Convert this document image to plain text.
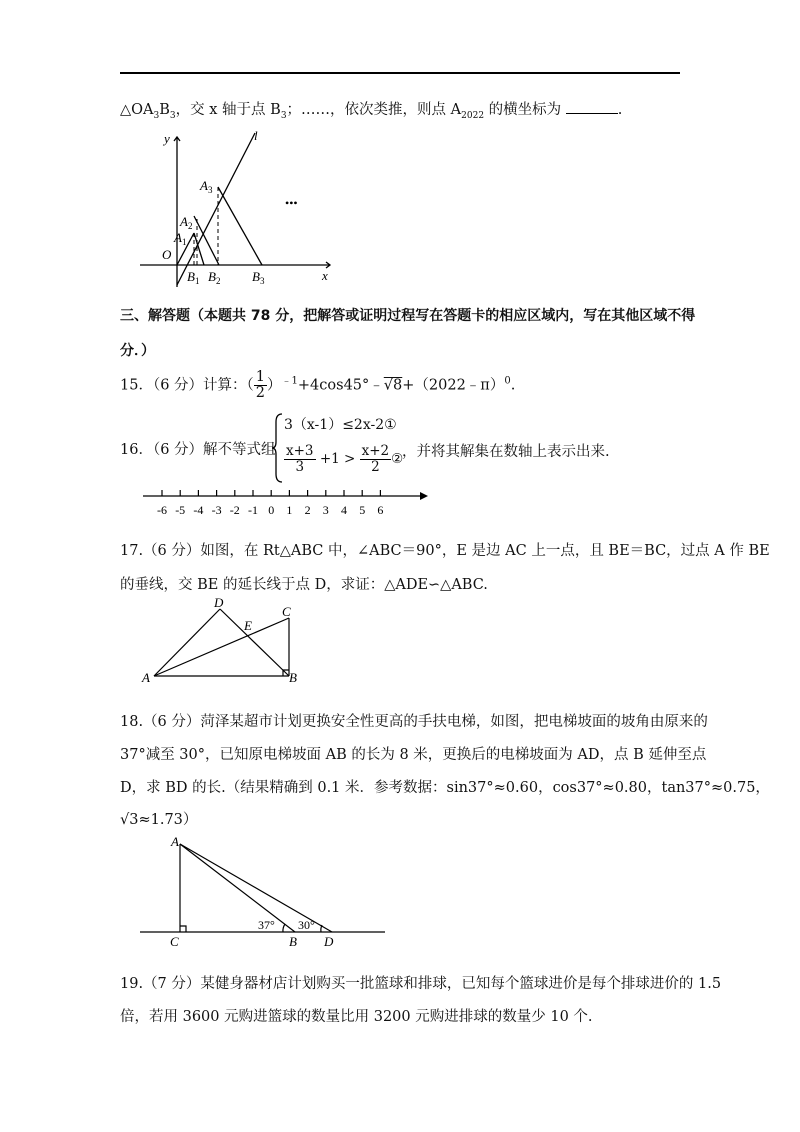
$\triangle OA_3B_3$，交 x 轴于点 $B_3$；……，依次类推，则点 $A_{2022}$ 的横坐标为	.
y
x
l
O
$A_1$
$A_2$
$A_3$
$B_1$ $B_2$ $B_3$
•••
三、解答题（本题共 78 分，把解答或证明过程写在答题卡的相应区域内，写在其他区域不得
分．）
15．（6 分）计算：（ $\frac{1}{2}$ ）$^{﹣1}$+4cos45°﹣√8+（2022﹣π）$^0$.
16．（6 分）解不等式组
3（x-1）≤2x-2①
$\frac{x+3}{3} +1 > \frac{x+2}{2}$ ②
，并将其解集在数轴上表示出来.
-6 -5 -4 -3 -2 -1 0 1 2 3 4 5 6
17.（6 分）如图，在 Rt△ABC 中，∠ABC＝90°，E 是边 AC 上一点，且 BE＝BC，过点 A 作 BE
的垂线，交 BE 的延长线于点 D，求证：△ADE∽△ABC.
A	B
C
D
E
18.（6 分）菏泽某超市计划更换安全性更高的手扶电梯，如图，把电梯坡面的坡角由原来的
37°减至 30°，已知原电梯坡面 AB 的长为 8 米，更换后的电梯坡面为 AD，点 B 延伸至点
D，求 BD 的长.（结果精确到 0.1 米．参考数据：sin37°≈0.60，cos37°≈0.80，tan37°≈0.75，
√3≈1.73）
A
C	B D
37° 30°
19.（7 分）某健身器材店计划购买一批篮球和排球，已知每个篮球进价是每个排球进价的 1.5
倍，若用 3600 元购进篮球的数量比用 3200 元购进排球的数量少 10 个.
